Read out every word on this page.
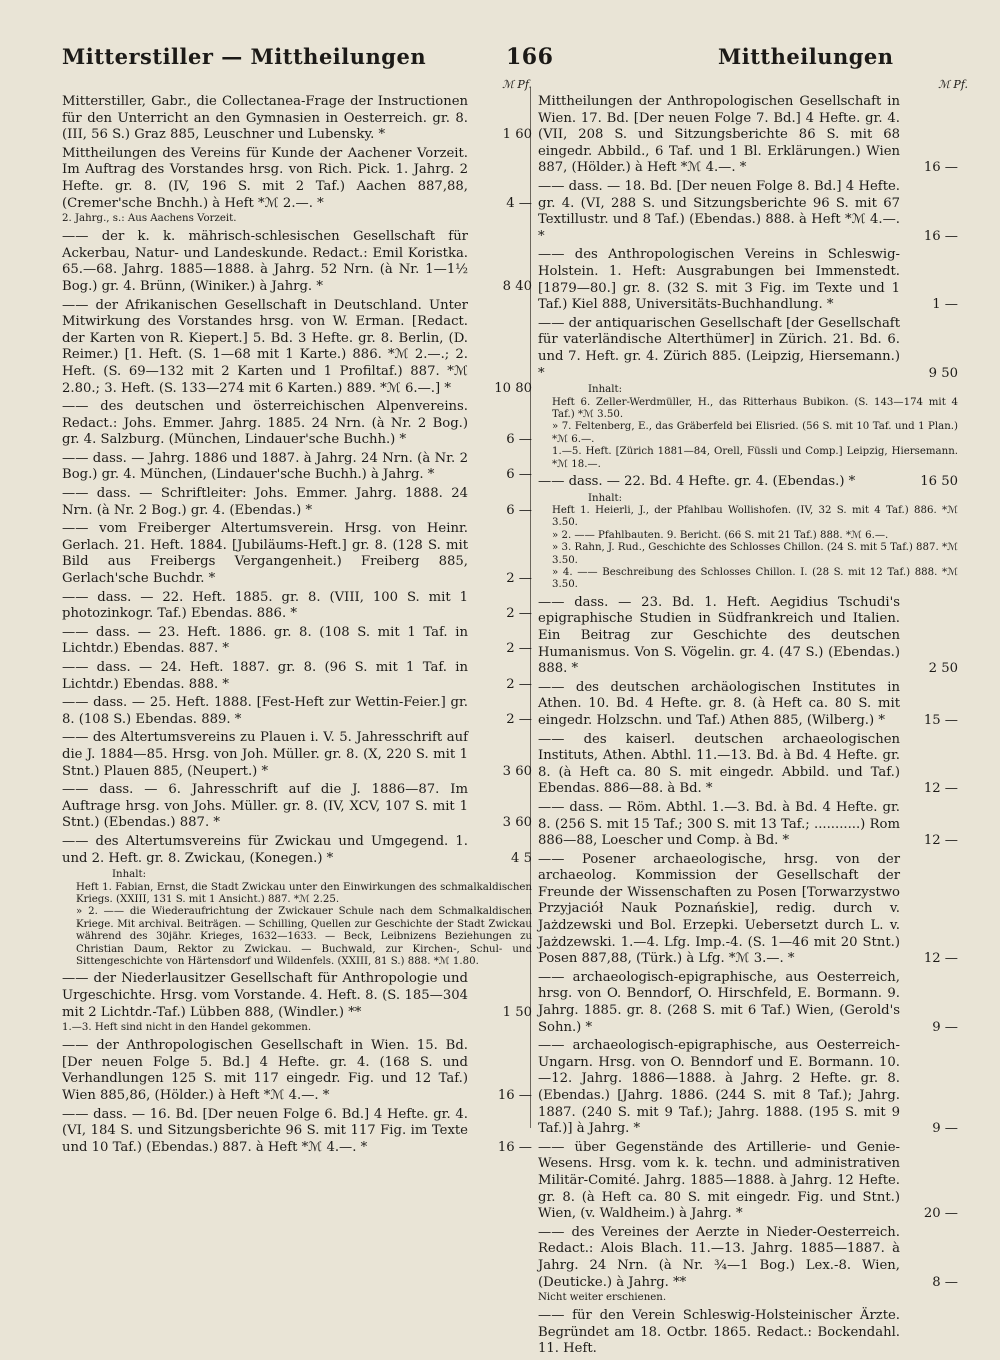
Mitterstiller — Mittheilungen	166	Mittheilungen
ℳ Pf.
Mitterstiller, Gabr., die Collectanea-Frage der Instructionen für den Unterricht an den Gymnasien in Oesterreich. gr. 8. (III, 56 S.) Graz 885, Leuschner und Lubensky. *	1 60
Mittheilungen des Vereins für Kunde der Aachener Vorzeit. Im Auftrag des Vorstandes hrsg. von Rich. Pick. 1. Jahrg. 2 Hefte. gr. 8. (IV, 196 S. mit 2 Taf.) Aachen 887,88, (Cremer'sche Bnchh.) à Heft *ℳ 2.—. *	4 —
2. Jahrg., s.: Aus Aachens Vorzeit.
—— der k. k. mährisch-schlesischen Gesellschaft für Ackerbau, Natur- und Landeskunde. Redact.: Emil Koristka. 65.—68. Jahrg. 1885—1888. à Jahrg. 52 Nrn. (à Nr. 1—1½ Bog.) gr. 4. Brünn, (Winiker.) à Jahrg. *	8 40
—— der Afrikanischen Gesellschaft in Deutschland. Unter Mitwirkung des Vorstandes hrsg. von W. Erman. [Redact. der Karten von R. Kiepert.] 5. Bd. 3 Hefte. gr. 8. Berlin, (D. Reimer.) [1. Heft. (S. 1—68 mit 1 Karte.) 886. *ℳ 2.—.; 2. Heft. (S. 69—132 mit 2 Karten und 1 Profiltaf.) 887. *ℳ 2.80.; 3. Heft. (S. 133—274 mit 6 Karten.) 889. *ℳ 6.—.] *	10 80
—— des deutschen und österreichischen Alpenvereins. Redact.: Johs. Emmer. Jahrg. 1885. 24 Nrn. (à Nr. 2 Bog.) gr. 4. Salzburg. (München, Lindauer'sche Buchh.) *	6 —
—— dass. — Jahrg. 1886 und 1887. à Jahrg. 24 Nrn. (à Nr. 2 Bog.) gr. 4. München, (Lindauer'sche Buchh.) à Jahrg. *	6 —
—— dass. — Schriftleiter: Johs. Emmer. Jahrg. 1888. 24 Nrn. (à Nr. 2 Bog.) gr. 4. (Ebendas.) *	6 —
—— vom Freiberger Altertumsverein. Hrsg. von Heinr. Gerlach. 21. Heft. 1884. [Jubiläums-Heft.] gr. 8. (128 S. mit Bild aus Freibergs Vergangenheit.) Freiberg 885, Gerlach'sche Buchdr. *	2 —
—— dass. — 22. Heft. 1885. gr. 8. (VIII, 100 S. mit 1 photozinkogr. Taf.) Ebendas. 886. *	2 —
—— dass. — 23. Heft. 1886. gr. 8. (108 S. mit 1 Taf. in Lichtdr.) Ebendas. 887. *	2 —
—— dass. — 24. Heft. 1887. gr. 8. (96 S. mit 1 Taf. in Lichtdr.) Ebendas. 888. *	2 —
—— dass. — 25. Heft. 1888. [Fest-Heft zur Wettin-Feier.] gr. 8. (108 S.) Ebendas. 889. *	2 —
—— des Altertumsvereins zu Plauen i. V. 5. Jahresschrift auf die J. 1884—85. Hrsg. von Joh. Müller. gr. 8. (X, 220 S. mit 1 Stnt.) Plauen 885, (Neupert.) *	3 60
—— dass. — 6. Jahresschrift auf die J. 1886—87. Im Auftrage hrsg. von Johs. Müller. gr. 8. (IV, XCV, 107 S. mit 1 Stnt.) (Ebendas.) 887. *	3 60
—— des Altertumsvereins für Zwickau und Umgegend. 1. und 2. Heft. gr. 8. Zwickau, (Konegen.) *	4 5
Inhalt:
Heft 1. Fabian, Ernst, die Stadt Zwickau unter den Einwirkungen des schmalkaldischen Kriegs. (XXIII, 131 S. mit 1 Ansicht.) 887. *ℳ 2.25.
» 2. —— die Wiederaufrichtung der Zwickauer Schule nach dem Schmalkaldischen Kriege. Mit archival. Beiträgen. — Schilling, Quellen zur Geschichte der Stadt Zwickau während des 30jähr. Krieges, 1632—1633. — Beck, Leibnizens Beziehungen zu Christian Daum, Rektor zu Zwickau. — Buchwald, zur Kirchen-, Schul- und Sittengeschichte von Härtensdorf und Wildenfels. (XXIII, 81 S.) 888. *ℳ 1.80.
—— der Niederlausitzer Gesellschaft für Anthropologie und Urgeschichte. Hrsg. vom Vorstande. 4. Heft. 8. (S. 185—304 mit 2 Lichtdr.-Taf.) Lübben 888, (Windler.) **	1 50
1.—3. Heft sind nicht in den Handel gekommen.
—— der Anthropologischen Gesellschaft in Wien. 15. Bd. [Der neuen Folge 5. Bd.] 4 Hefte. gr. 4. (168 S. und Verhandlungen 125 S. mit 117 eingedr. Fig. und 12 Taf.) Wien 885,86, (Hölder.) à Heft *ℳ 4.—. *	16 —
—— dass. — 16. Bd. [Der neuen Folge 6. Bd.] 4 Hefte. gr. 4. (VI, 184 S. und Sitzungsberichte 96 S. mit 117 Fig. im Texte und 10 Taf.) (Ebendas.) 887. à Heft *ℳ 4.—. *	16 —
ℳ Pf.
Mittheilungen der Anthropologischen Gesellschaft in Wien. 17. Bd. [Der neuen Folge 7. Bd.] 4 Hefte. gr. 4. (VII, 208 S. und Sitzungsberichte 86 S. mit 68 eingedr. Abbild., 6 Taf. und 1 Bl. Erklärungen.) Wien 887, (Hölder.) à Heft *ℳ 4.—. *	16 —
—— dass. — 18. Bd. [Der neuen Folge 8. Bd.] 4 Hefte. gr. 4. (VI, 288 S. und Sitzungsberichte 96 S. mit 67 Textillustr. und 8 Taf.) (Ebendas.) 888. à Heft *ℳ 4.—. *	16 —
—— des Anthropologischen Vereins in Schleswig-Holstein. 1. Heft: Ausgrabungen bei Immenstedt. [1879—80.] gr. 8. (32 S. mit 3 Fig. im Texte und 1 Taf.) Kiel 888, Universitäts-Buchhandlung. *	1 —
—— der antiquarischen Gesellschaft [der Gesellschaft für vaterländische Alterthümer] in Zürich. 21. Bd. 6. und 7. Heft. gr. 4. Zürich 885. (Leipzig, Hiersemann.) *	9 50
Inhalt:
Heft 6. Zeller-Werdmüller, H., das Ritterhaus Bubikon. (S. 143—174 mit 4 Taf.) *ℳ 3.50.
» 7. Feltenberg, E., das Gräberfeld bei Elisried. (56 S. mit 10 Taf. und 1 Plan.) *ℳ 6.—.
1.—5. Heft. [Zürich 1881—84, Orell, Füssli und Comp.] Leipzig, Hiersemann. *ℳ 18.—.
—— dass. — 22. Bd. 4 Hefte. gr. 4. (Ebendas.) *	16 50
Inhalt:
Heft 1. Heierli, J., der Pfahlbau Wollishofen. (IV, 32 S. mit 4 Taf.) 886. *ℳ 3.50.
» 2. —— Pfahlbauten. 9. Bericht. (66 S. mit 21 Taf.) 888. *ℳ 6.—.
» 3. Rahn, J. Rud., Geschichte des Schlosses Chillon. (24 S. mit 5 Taf.) 887. *ℳ 3.50.
» 4. —— Beschreibung des Schlosses Chillon. I. (28 S. mit 12 Taf.) 888. *ℳ 3.50.
—— dass. — 23. Bd. 1. Heft. Aegidius Tschudi's epigraphische Studien in Südfrankreich und Italien. Ein Beitrag zur Geschichte des deutschen Humanismus. Von S. Vögelin. gr. 4. (47 S.) (Ebendas.) 888. *	2 50
—— des deutschen archäologischen Institutes in Athen. 10. Bd. 4 Hefte. gr. 8. (à Heft ca. 80 S. mit eingedr. Holzschn. und Taf.) Athen 885, (Wilberg.) *	15 —
—— des kaiserl. deutschen archaeologischen Instituts, Athen. Abthl. 11.—13. Bd. à Bd. 4 Hefte. gr. 8. (à Heft ca. 80 S. mit eingedr. Abbild. und Taf.) Ebendas. 886—88. à Bd. *	12 —
—— dass. — Röm. Abthl. 1.—3. Bd. à Bd. 4 Hefte. gr. 8. (256 S. mit 15 Taf.; 300 S. mit 13 Taf.; ...........) Rom 886—88, Loescher und Comp. à Bd. *	12 —
—— Posener archaeologische, hrsg. von der archaeolog. Kommission der Gesellschaft der Freunde der Wissenschaften zu Posen [Torwarzystwo Przyjaciół Nauk Poznańskie], redig. durch v. Jażdzewski und Bol. Erzepki. Uebersetzt durch L. v. Jażdzewski. 1.—4. Lfg. Imp.-4. (S. 1—46 mit 20 Stnt.) Posen 887,88, (Türk.) à Lfg. *ℳ 3.—. *	12 —
—— archaeologisch-epigraphische, aus Oesterreich, hrsg. von O. Benndorf, O. Hirschfeld, E. Bormann. 9. Jahrg. 1885. gr. 8. (268 S. mit 6 Taf.) Wien, (Gerold's Sohn.) *	9 —
—— archaeologisch-epigraphische, aus Oesterreich-Ungarn. Hrsg. von O. Benndorf und E. Bormann. 10.—12. Jahrg. 1886—1888. à Jahrg. 2 Hefte. gr. 8. (Ebendas.) [Jahrg. 1886. (244 S. mit 8 Taf.); Jahrg. 1887. (240 S. mit 9 Taf.); Jahrg. 1888. (195 S. mit 9 Taf.)] à Jahrg. *	9 —
—— über Gegenstände des Artillerie- und Genie-Wesens. Hrsg. vom k. k. techn. und administrativen Militär-Comité. Jahrg. 1885—1888. à Jahrg. 12 Hefte. gr. 8. (à Heft ca. 80 S. mit eingedr. Fig. und Stnt.) Wien, (v. Waldheim.) à Jahrg. *	20 —
—— des Vereines der Aerzte in Nieder-Oesterreich. Redact.: Alois Blach. 11.—13. Jahrg. 1885—1887. à Jahrg. 24 Nrn. (à Nr. ¾—1 Bog.) Lex.-8. Wien, (Deuticke.) à Jahrg. **	8 —
Nicht weiter erschienen.
—— für den Verein Schleswig-Holsteinischer Ärzte. Begründet am 18. Octbr. 1865. Redact.: Bockendahl. 11. Heft.
